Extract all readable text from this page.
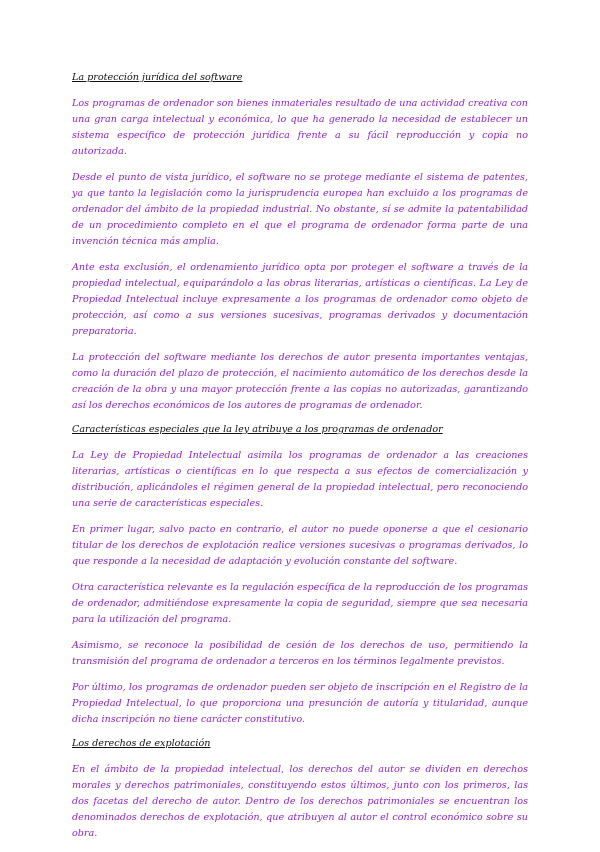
La protección jurídica del software
Los programas de ordenador son bienes inmateriales resultado de una actividad creativa con una gran carga intelectual y económica, lo que ha generado la necesidad de establecer un sistema específico de protección jurídica frente a su fácil reproducción y copia no autorizada.
Desde el punto de vista jurídico, el software no se protege mediante el sistema de patentes, ya que tanto la legislación como la jurisprudencia europea han excluido a los programas de ordenador del ámbito de la propiedad industrial. No obstante, sí se admite la patentabilidad de un procedimiento completo en el que el programa de ordenador forma parte de una invención técnica más amplia.
Ante esta exclusión, el ordenamiento jurídico opta por proteger el software a través de la propiedad intelectual, equiparándolo a las obras literarias, artísticas o científicas. La Ley de Propiedad Intelectual incluye expresamente a los programas de ordenador como objeto de protección, así como a sus versiones sucesivas, programas derivados y documentación preparatoria.
La protección del software mediante los derechos de autor presenta importantes ventajas, como la duración del plazo de protección, el nacimiento automático de los derechos desde la creación de la obra y una mayor protección frente a las copias no autorizadas, garantizando así los derechos económicos de los autores de programas de ordenador.
Características especiales que la ley atribuye a los programas de ordenador
La Ley de Propiedad Intelectual asimila los programas de ordenador a las creaciones literarias, artísticas o científicas en lo que respecta a sus efectos de comercialización y distribución, aplicándoles el régimen general de la propiedad intelectual, pero reconociendo una serie de características especiales.
En primer lugar, salvo pacto en contrario, el autor no puede oponerse a que el cesionario titular de los derechos de explotación realice versiones sucesivas o programas derivados, lo que responde a la necesidad de adaptación y evolución constante del software.
Otra característica relevante es la regulación específica de la reproducción de los programas de ordenador, admitiéndose expresamente la copia de seguridad, siempre que sea necesaria para la utilización del programa.
Asimismo, se reconoce la posibilidad de cesión de los derechos de uso, permitiendo la transmisión del programa de ordenador a terceros en los términos legalmente previstos.
Por último, los programas de ordenador pueden ser objeto de inscripción en el Registro de la Propiedad Intelectual, lo que proporciona una presunción de autoría y titularidad, aunque dicha inscripción no tiene carácter constitutivo.
Los derechos de explotación
En el ámbito de la propiedad intelectual, los derechos del autor se dividen en derechos morales y derechos patrimoniales, constituyendo estos últimos, junto con los primeros, las dos facetas del derecho de autor. Dentro de los derechos patrimoniales se encuentran los denominados derechos de explotación, que atribuyen al autor el control económico sobre su obra.
